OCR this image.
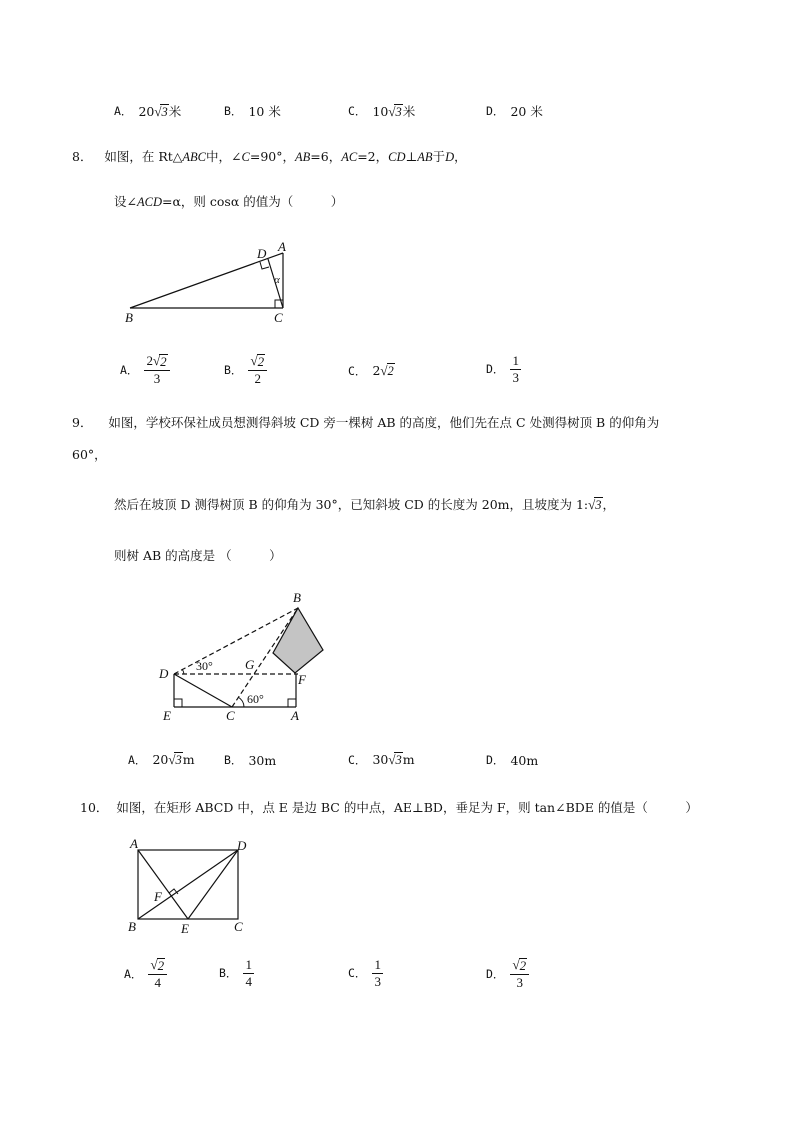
A． 20 √ 3 米	B． 10 米	C． 10 √ 3 米	D． 20 米
8． 如图，在 Rt△ABC中，∠C=90°，AB=6，AC=2，CD⊥AB于D，
设∠ACD=α，则 cosα 的值为（　　　）
B	C
A
D
α
A． $\frac{2 √ 2}{3}$	B． $\frac{√ 2}{2}$	C． 2 √ 2	D． $\frac{1}{3}$
9． 如图，学校环保社成员想测得斜坡 CD 旁一棵树 AB 的高度，他们先在点 C 处测得树顶 B 的仰角为
60°，
然后在坡顶 D 测得树顶 B 的仰角为 30°，已知斜坡 CD 的长度为 20m，且坡度为 1: √ 3 ，
则树 AB 的高度是 （　　　）
B
D
G
F
E	C	A
30°
60°
A． 20 √ 3 m	B． 30m	C． 30 √ 3 m	D． 40m
10． 如图，在矩形 ABCD 中，点 E 是边 BC 的中点，AE⊥BD，垂足为 F，则 tan∠BDE 的值是（　　　）
A	D
B	E	C
F
A． $\frac{√ 2}{4}$	B． $\frac{1}{4}$	C． $\frac{1}{3}$	D． $\frac{√ 2}{3}$
